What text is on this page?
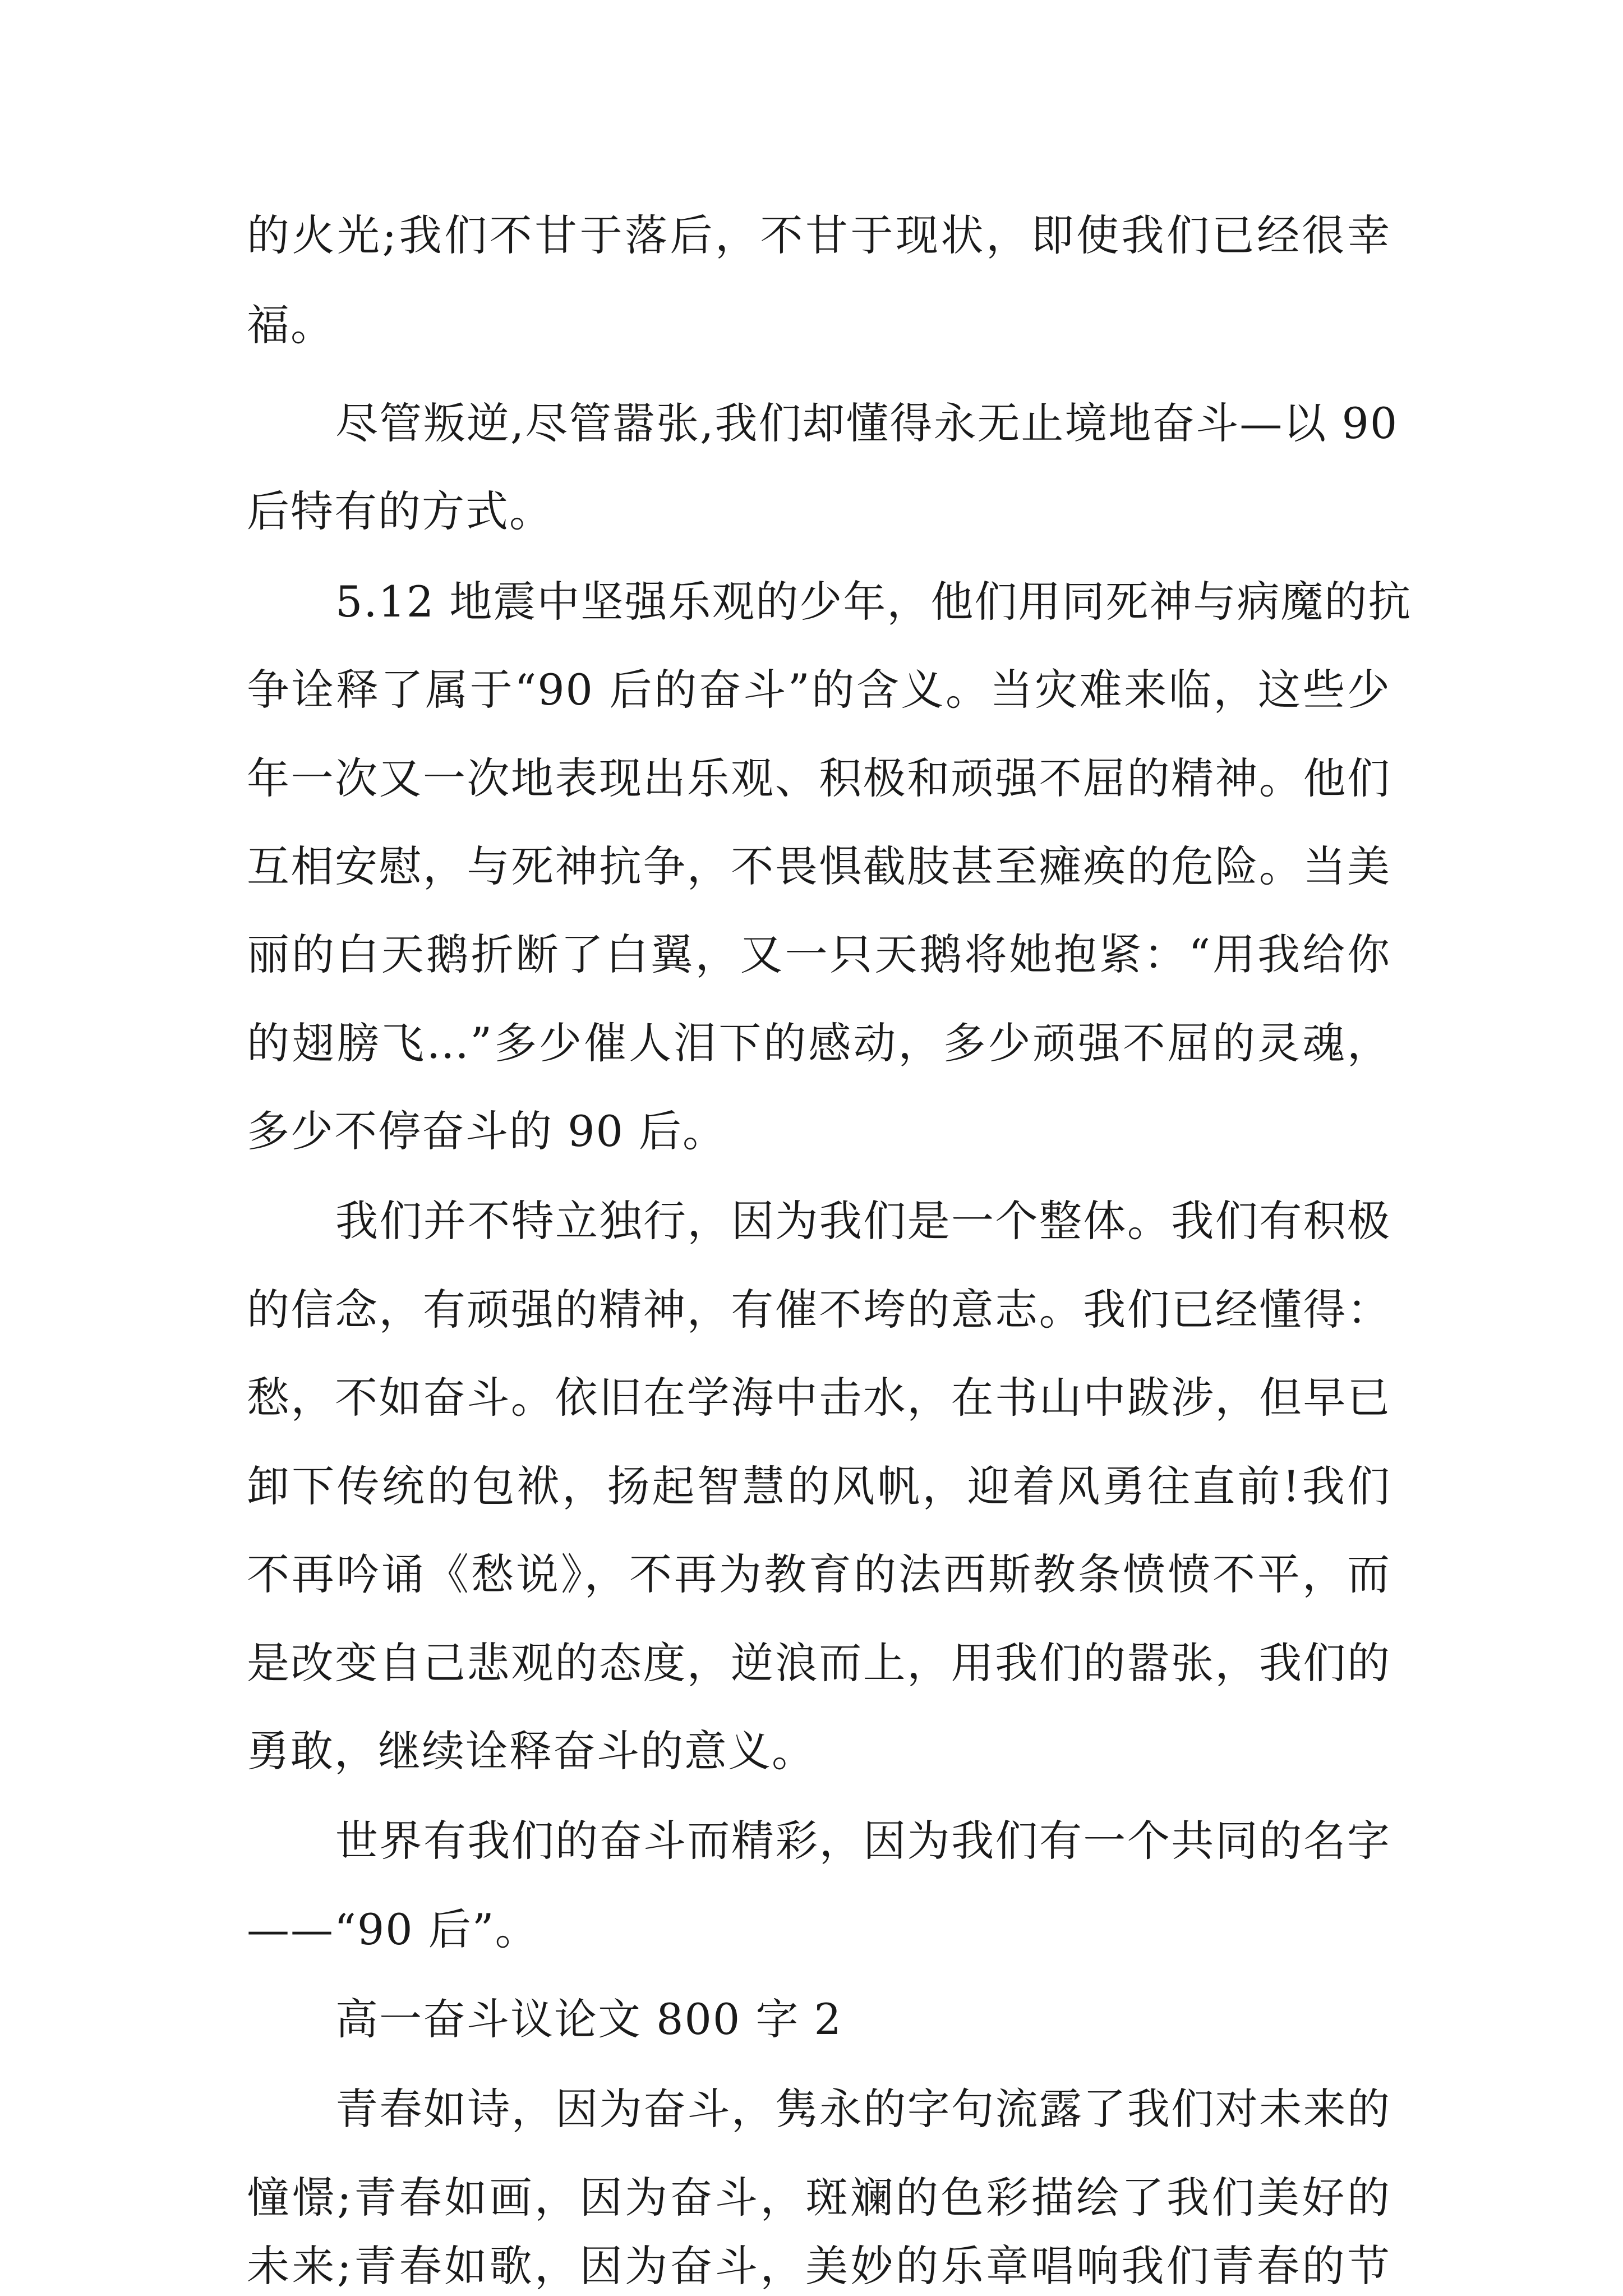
的火光;我们不甘于落后，不甘于现状，即使我们已经很幸

福。

尽管叛逆,尽管嚣张,我们却懂得永无止境地奋斗—以 90

后特有的方式。

5.12 地震中坚强乐观的少年，他们用同死神与病魔的抗

争诠释了属于“90 后的奋斗”的含义。当灾难来临，这些少

年一次又一次地表现出乐观、积极和顽强不屈的精神。他们

互相安慰，与死神抗争，不畏惧截肢甚至瘫痪的危险。当美

丽的白天鹅折断了白翼，又一只天鹅将她抱紧：“用我给你

的翅膀飞…”多少催人泪下的感动，多少顽强不屈的灵魂，

多少不停奋斗的 90 后。

我们并不特立独行，因为我们是一个整体。我们有积极

的信念，有顽强的精神，有催不垮的意志。我们已经懂得：

愁，不如奋斗。依旧在学海中击水，在书山中跋涉，但早已

卸下传统的包袱，扬起智慧的风帆，迎着风勇往直前!我们

不再吟诵《愁说》，不再为教育的法西斯教条愤愤不平，而

是改变自己悲观的态度，逆浪而上，用我们的嚣张，我们的

勇敢，继续诠释奋斗的意义。

世界有我们的奋斗而精彩，因为我们有一个共同的名字

——“90 后”。

高一奋斗议论文 800 字 2

青春如诗，因为奋斗，隽永的字句流露了我们对未来的

憧憬;青春如画，因为奋斗，斑斓的色彩描绘了我们美好的

未来;青春如歌，因为奋斗，美妙的乐章唱响我们青春的节
